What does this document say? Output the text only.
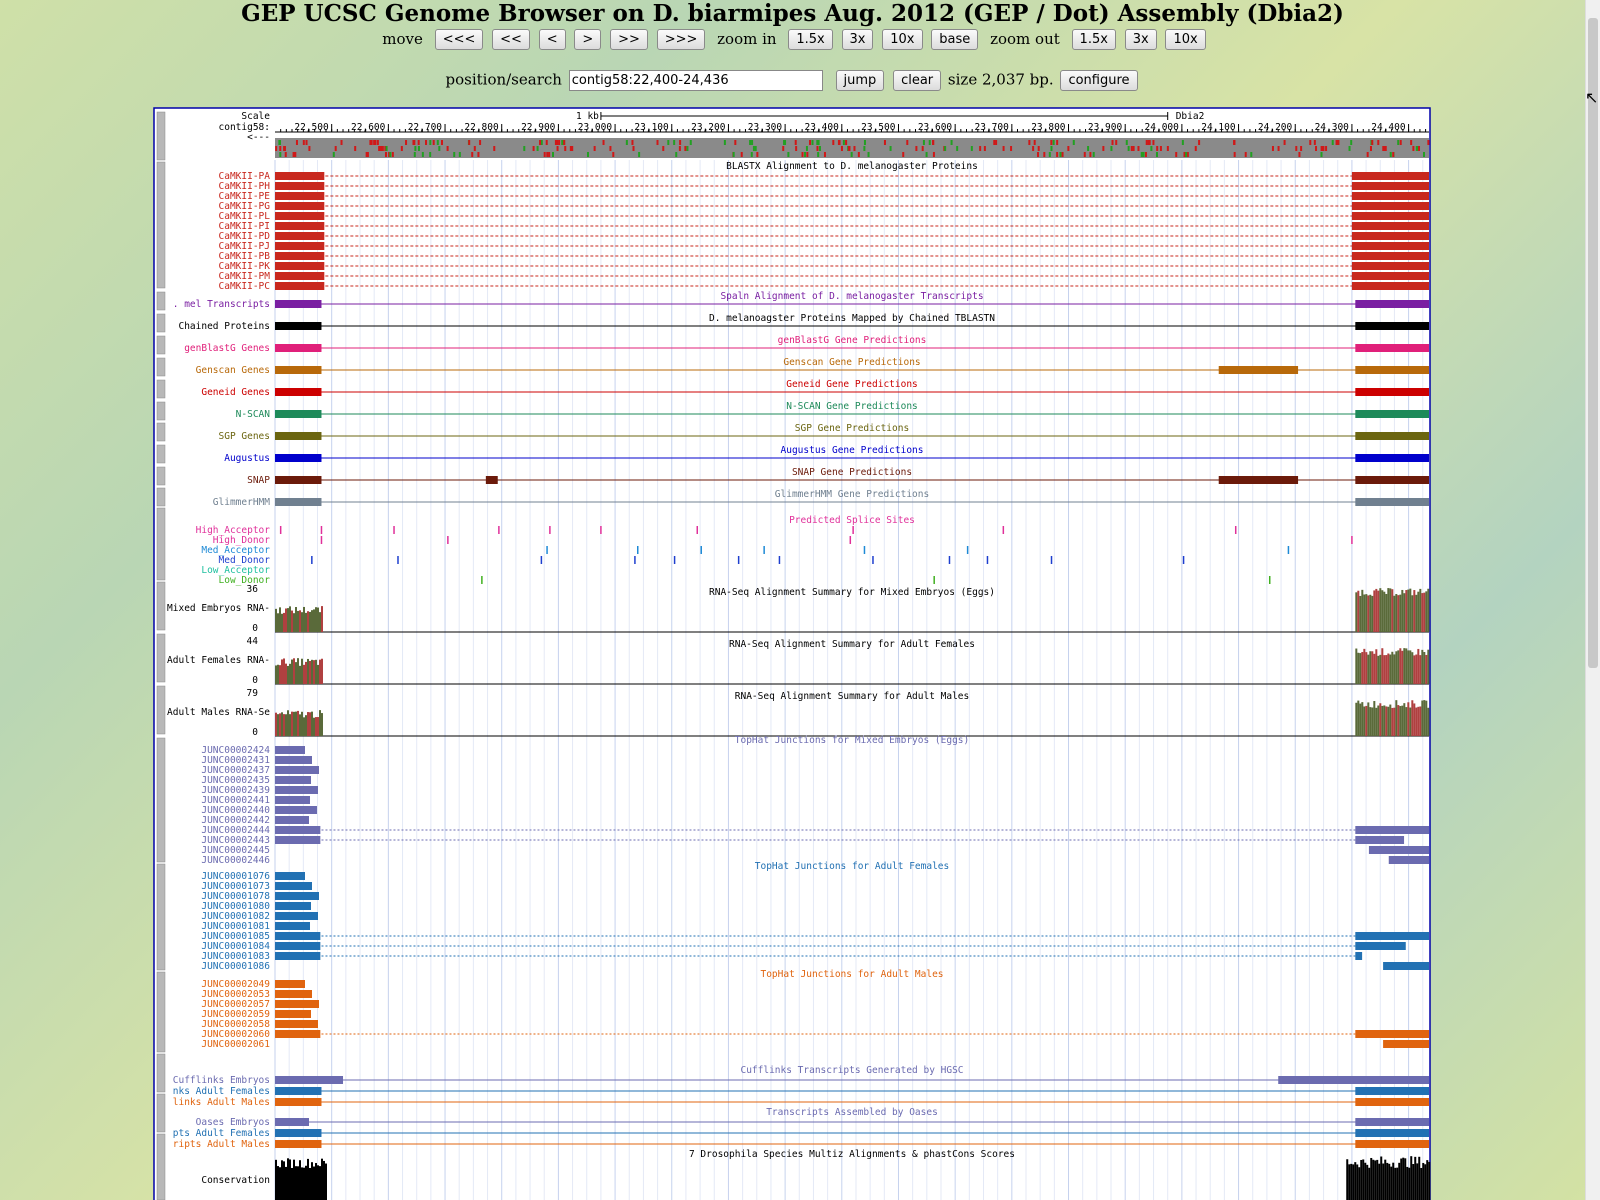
GEP UCSC Genome Browser on D. biarmipes Aug. 2012 (GEP / Dot) Assembly (Dbia2)
move <<< << < > >> >>> zoom in 1.5x 3x 10x base zoom out 1.5x 3x 10x
position/search contig58:22,400-24,436	jump clear size 2,037 bp. configure
Scale
contig58:
<---
1 kb	Dbia2
22,500 22,600 22,700 22,800 22,900 23,000 23,100 23,200 23,300 23,400 23,500 23,600 23,700 23,800 23,900 24,000 24,100 24,200 24,300 24,400
BLASTX Alignment to D. melanogaster Proteins
CaMKII-PA
CaMKII-PH
CaMKII-PE
CaMKII-PG
CaMKII-PL
CaMKII-PI
CaMKII-PD
CaMKII-PJ
CaMKII-PB
CaMKII-PK
CaMKII-PM
CaMKII-PC
Spaln Alignment of D. melanogaster Transcripts
. mel Transcripts
D. melanoagster Proteins Mapped by Chained TBLASTN
Chained Proteins
genBlastG Gene Predictions
genBlastG Genes
Genscan Gene Predictions
Genscan Genes
Geneid Gene Predictions
Geneid Genes
N-SCAN Gene Predictions
N-SCAN
SGP Gene Predictions
SGP Genes
Augustus Gene Predictions
Augustus
SNAP Gene Predictions
SNAP
GlimmerHMM Gene Predictions
GlimmerHMM
Predicted Splice Sites
High_Acceptor
High_Donor
Med_Acceptor
Med_Donor
Low_Acceptor
Low_Donor
RNA-Seq Alignment Summary for Mixed Embryos (Eggs)
36
0
Mixed Embryos RNA-
RNA-Seq Alignment Summary for Adult Females
44
0
Adult Females RNA-
RNA-Seq Alignment Summary for Adult Males
79
0
Adult Males RNA-Se
TopHat Junctions for Mixed Embryos (Eggs)
JUNC00002424
JUNC00002431
JUNC00002437
JUNC00002435
JUNC00002439
JUNC00002441
JUNC00002440
JUNC00002442
JUNC00002444
JUNC00002443
JUNC00002445
JUNC00002446
TopHat Junctions for Adult Females
JUNC00001076
JUNC00001073
JUNC00001078
JUNC00001080
JUNC00001082
JUNC00001081
JUNC00001085
JUNC00001084
JUNC00001083
JUNC00001086
TopHat Junctions for Adult Males
JUNC00002049
JUNC00002053
JUNC00002057
JUNC00002059
JUNC00002058
JUNC00002060
JUNC00002061
Cufflinks Transcripts Generated by HGSC
Cufflinks Embryos
nks Adult Females
links Adult Males
Transcripts Assembled by Oases
Oases Embryos
pts Adult Females
ripts Adult Males
7 Drosophila Species Multiz Alignments & phastCons Scores
Conservation
↖
